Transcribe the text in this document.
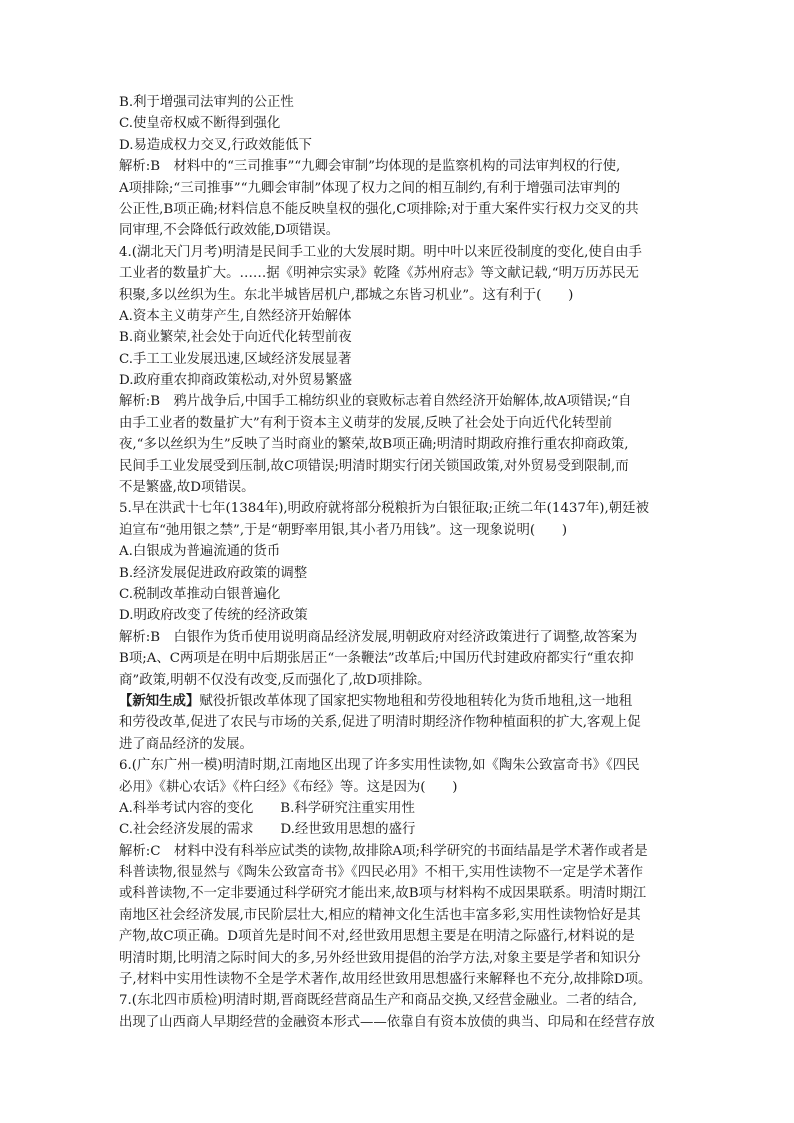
B.利于增强司法审判的公正性
C.使皇帝权威不断得到强化
D.易造成权力交叉,行政效能低下
解析:B　材料中的“三司推事”“九卿会审制”均体现的是监察机构的司法审判权的行使,
A项排除;“三司推事”“九卿会审制”体现了权力之间的相互制约,有利于增强司法审判的
公正性,B项正确;材料信息不能反映皇权的强化,C项排除;对于重大案件实行权力交叉的共
同审理,不会降低行政效能,D项错误。
4.(湖北天门月考)明清是民间手工业的大发展时期。明中叶以来匠役制度的变化,使自由手
工业者的数量扩大。……据《明神宗实录》乾隆《苏州府志》等文献记载,“明万历苏民无
积聚,多以丝织为生。东北半城皆居机户,郡城之东皆习机业”。这有利于(　　)
A.资本主义萌芽产生,自然经济开始解体
B.商业繁荣,社会处于向近代化转型前夜
C.手工工业发展迅速,区域经济发展显著
D.政府重农抑商政策松动,对外贸易繁盛
解析:B　鸦片战争后,中国手工棉纺织业的衰败标志着自然经济开始解体,故A项错误;“自
由手工业者的数量扩大”有利于资本主义萌芽的发展,反映了社会处于向近代化转型前
夜,“多以丝织为生”反映了当时商业的繁荣,故B项正确;明清时期政府推行重农抑商政策,
民间手工业发展受到压制,故C项错误;明清时期实行闭关锁国政策,对外贸易受到限制,而
不是繁盛,故D项错误。
5.早在洪武十七年(1384年),明政府就将部分税粮折为白银征取;正统二年(1437年),朝廷被
迫宣布“弛用银之禁”,于是“朝野率用银,其小者乃用钱”。这一现象说明(　　)
A.白银成为普遍流通的货币
B.经济发展促进政府政策的调整
C.税制改革推动白银普遍化
D.明政府改变了传统的经济政策
解析:B　白银作为货币使用说明商品经济发展,明朝政府对经济政策进行了调整,故答案为
B项;A、C两项是在明中后期张居正“一条鞭法”改革后;中国历代封建政府都实行“重农抑
商”政策,明朝不仅没有改变,反而强化了,故D项排除。
【新知生成】赋役折银改革体现了国家把实物地租和劳役地租转化为货币地租,这一地租
和劳役改革,促进了农民与市场的关系,促进了明清时期经济作物种植面积的扩大,客观上促
进了商品经济的发展。
6.(广东广州一模)明清时期,江南地区出现了许多实用性读物,如《陶朱公致富奇书》《四民
必用》《耕心农话》《杵臼经》《布经》等。这是因为(　　)
A.科举考试内容的变化　　B.科学研究注重实用性
C.社会经济发展的需求　　D.经世致用思想的盛行
解析:C　材料中没有科举应试类的读物,故排除A项;科学研究的书面结晶是学术著作或者是
科普读物,很显然与《陶朱公致富奇书》《四民必用》不相干,实用性读物不一定是学术著作
或科普读物,不一定非要通过科学研究才能出来,故B项与材料构不成因果联系。明清时期江
南地区社会经济发展,市民阶层壮大,相应的精神文化生活也丰富多彩,实用性读物恰好是其
产物,故C项正确。D项首先是时间不对,经世致用思想主要是在明清之际盛行,材料说的是
明清时期,比明清之际时间大的多,另外经世致用提倡的治学方法,对象主要是学者和知识分
子,材料中实用性读物不全是学术著作,故用经世致用思想盛行来解释也不充分,故排除D项。
7.(东北四市质检)明清时期,晋商既经营商品生产和商品交换,又经营金融业。二者的结合,
出现了山西商人早期经营的金融资本形式——依靠自有资本放债的典当、印局和在经营存放
